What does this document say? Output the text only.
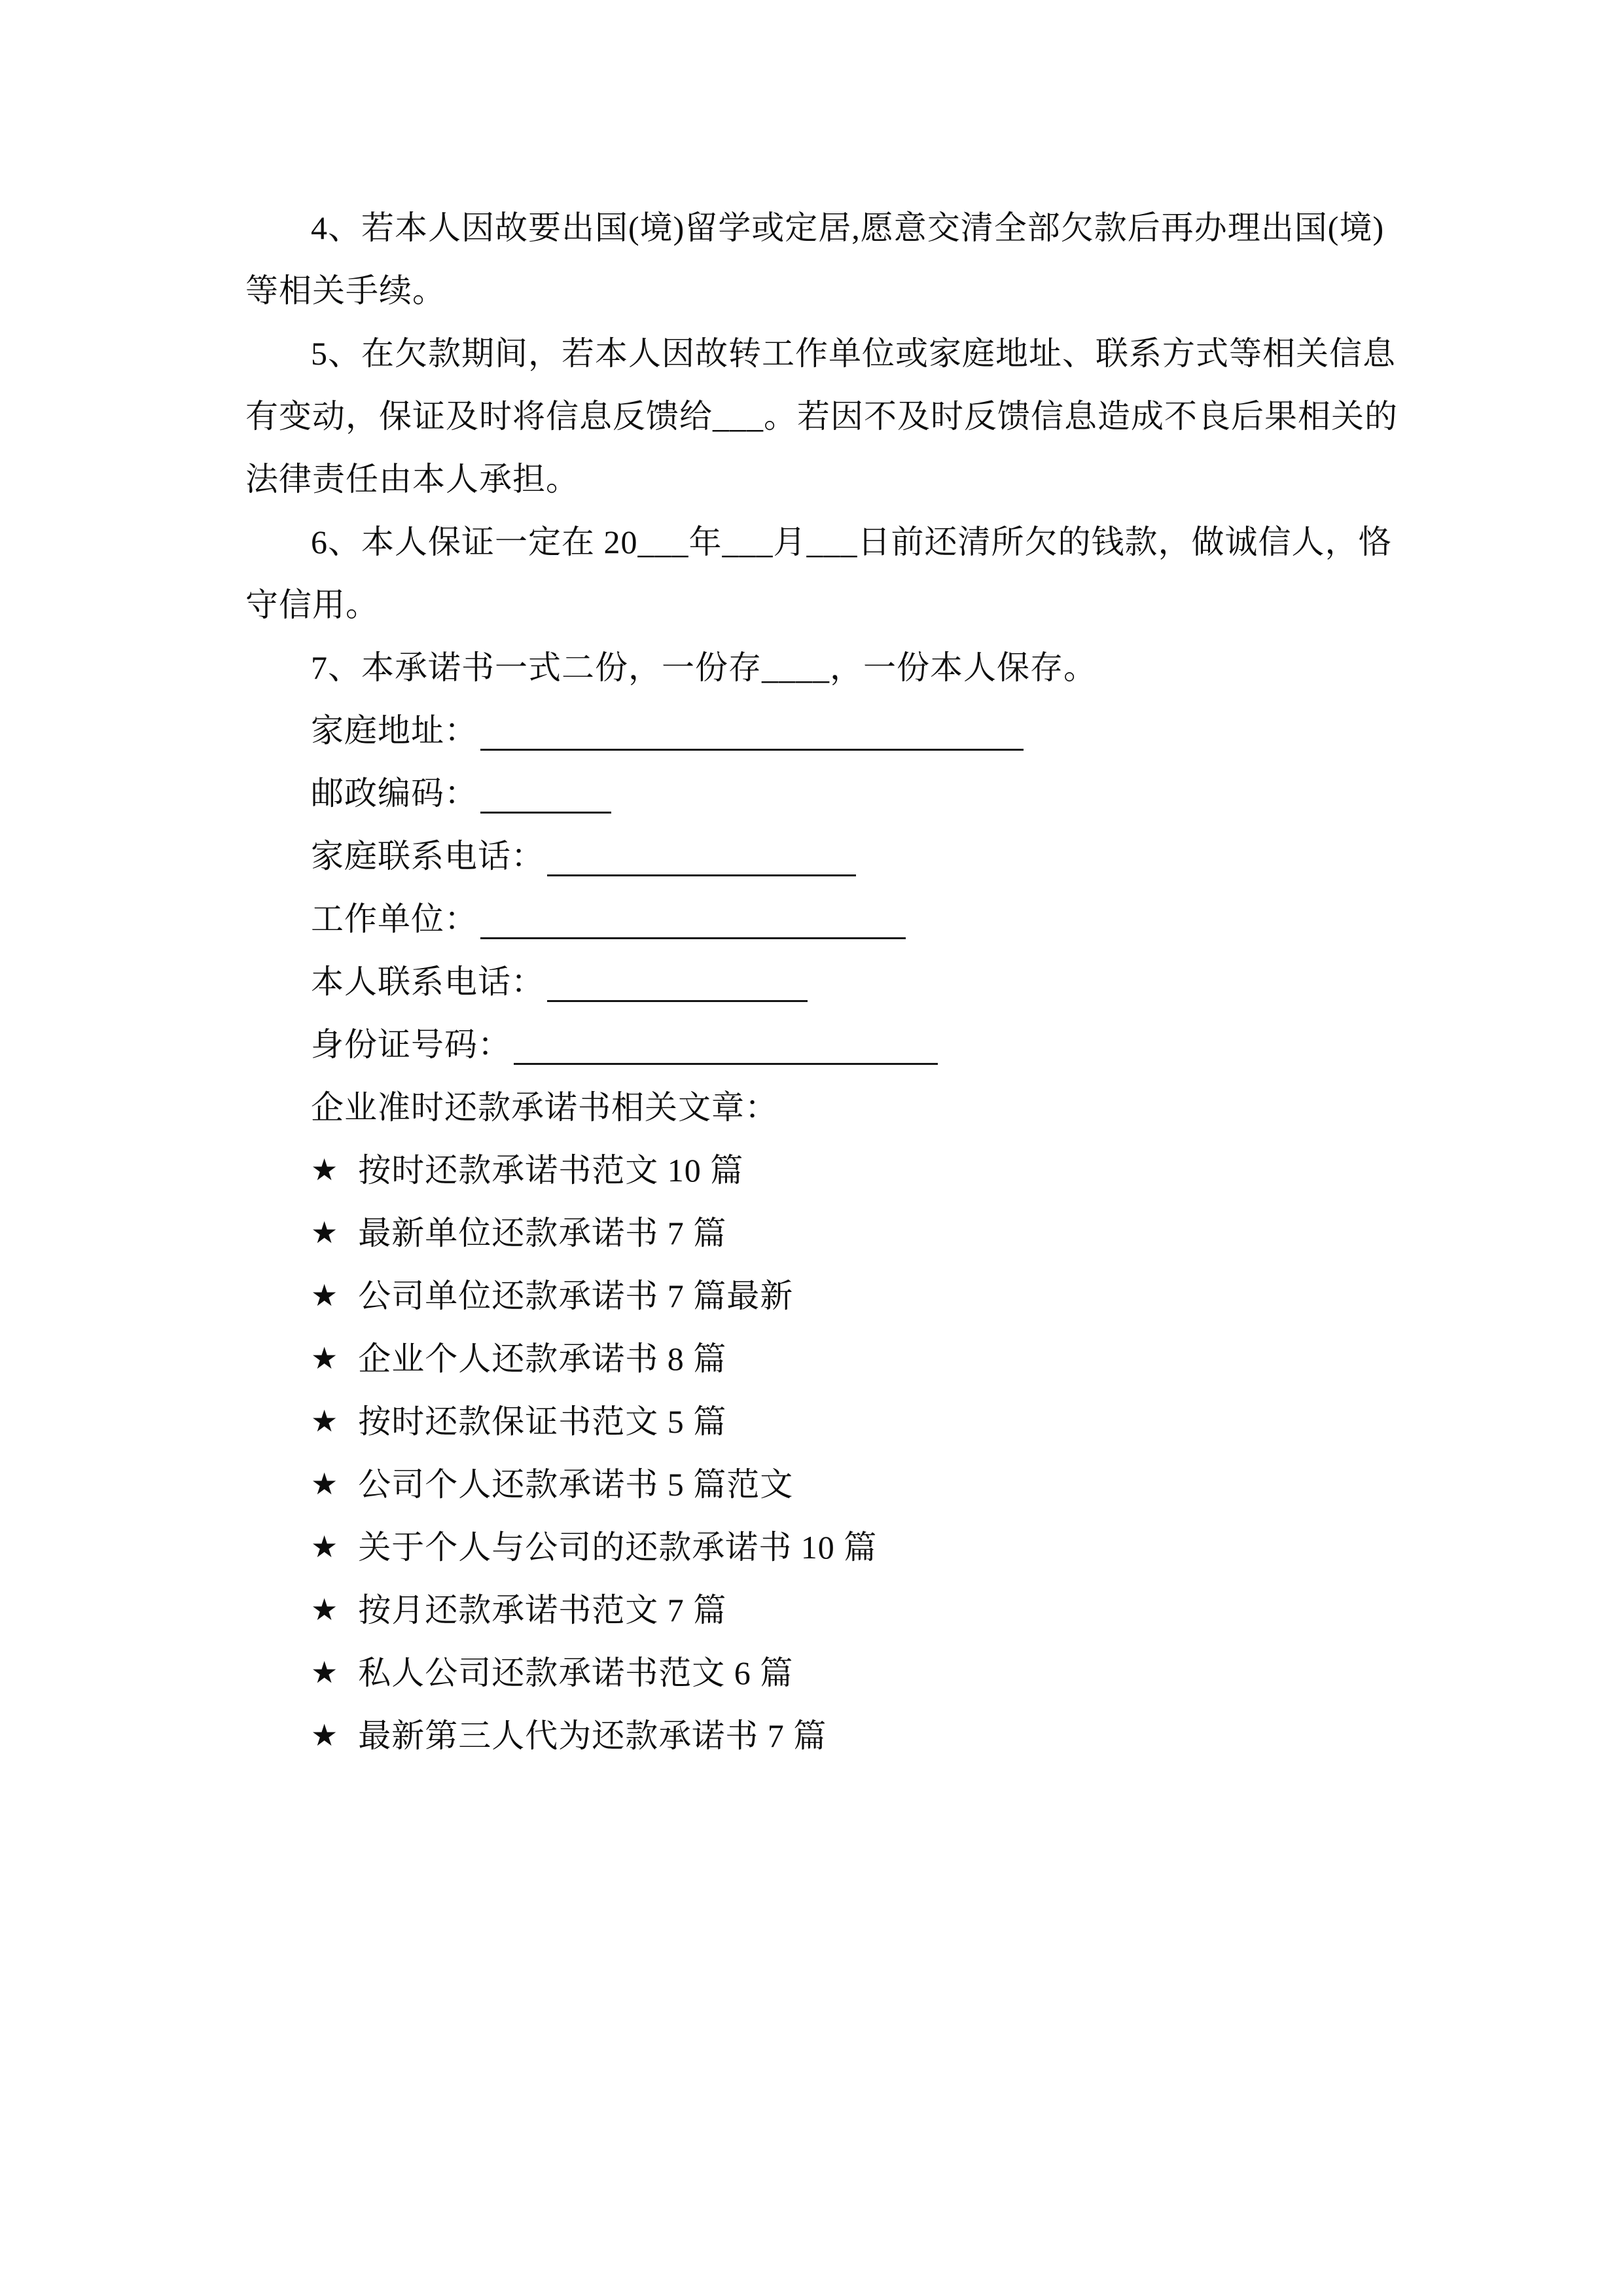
4、若本人因故要出国(境)留学或定居,愿意交清全部欠款后再办理出国(境)
等相关手续。
5、在欠款期间，若本人因故转工作单位或家庭地址、联系方式等相关信息
有变动，保证及时将信息反馈给___。若因不及时反馈信息造成不良后果相关的
法律责任由本人承担。
6、本人保证一定在 20___年___月___日前还清所欠的钱款，做诚信人，恪
守信用。
7、本承诺书一式二份，一份存____，一份本人保存。
家庭地址：
邮政编码：
家庭联系电话：
工作单位：
本人联系电话：
身份证号码：
企业准时还款承诺书相关文章：
★ 按时还款承诺书范文 10 篇
★ 最新单位还款承诺书 7 篇
★ 公司单位还款承诺书 7 篇最新
★ 企业个人还款承诺书 8 篇
★ 按时还款保证书范文 5 篇
★ 公司个人还款承诺书 5 篇范文
★ 关于个人与公司的还款承诺书 10 篇
★ 按月还款承诺书范文 7 篇
★ 私人公司还款承诺书范文 6 篇
★ 最新第三人代为还款承诺书 7 篇
